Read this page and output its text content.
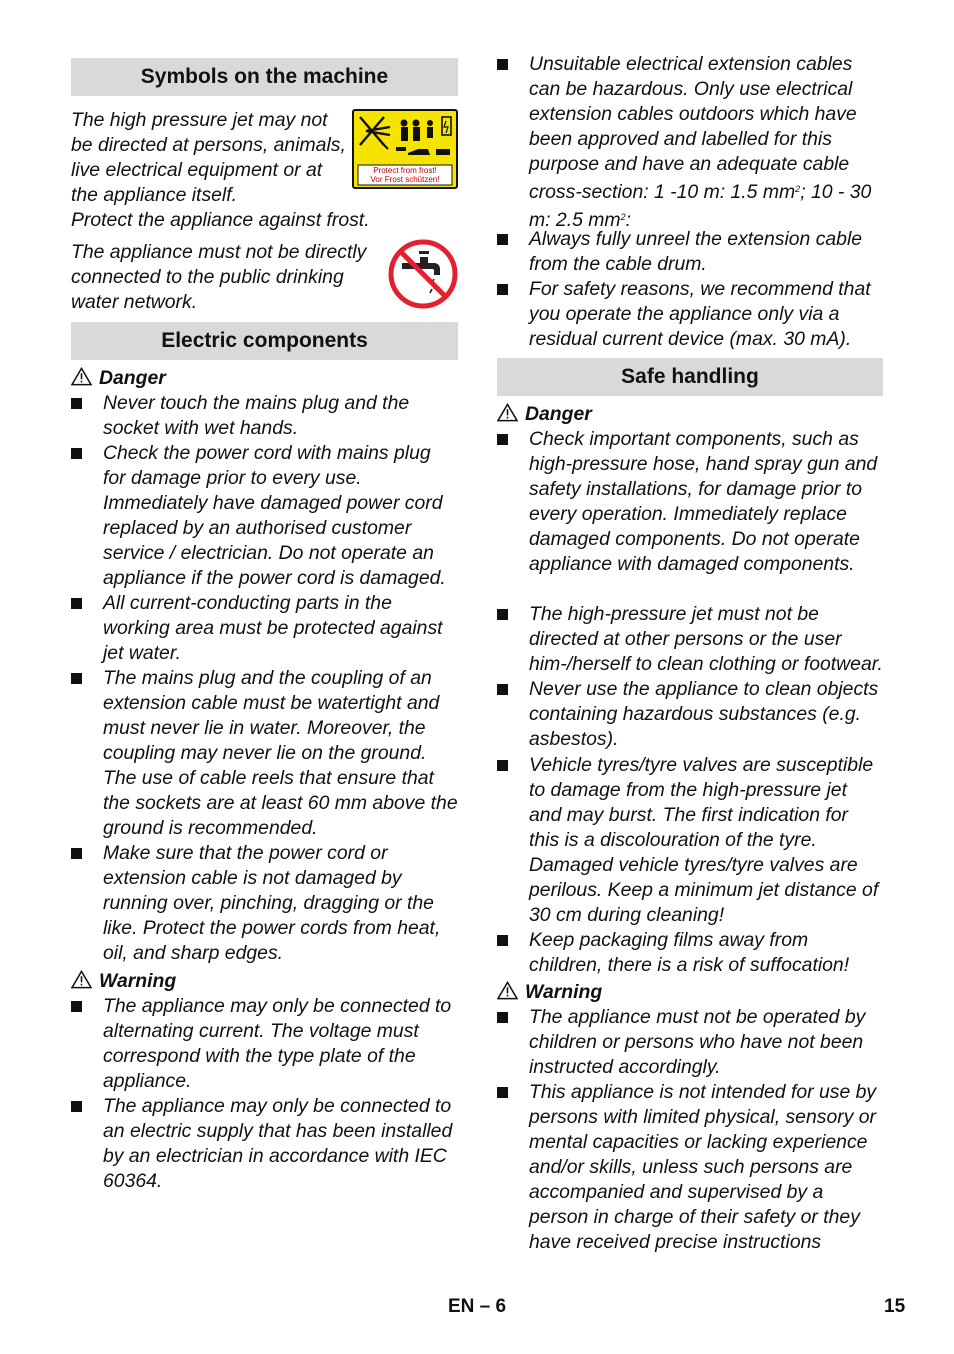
Symbols on the machine
The high pressure jet may not be directed at persons, animals, live electrical equipment or at the appliance itself.
Protect from frost!
Vor Frost schützen!
Protect the appliance against frost.
The appliance must not be directly connected to the public drinking water network.
Electric components
Danger
Never touch the mains plug and the socket with wet hands.
Check the power cord with mains plug for damage prior to every use. Immediately have damaged power cord replaced by an authorised customer service / electrician. Do not operate an appliance if the power cord is damaged.
All current-conducting parts in the working area must be protected against jet water.
The mains plug and the coupling of an extension cable must be watertight and must never lie in water. Moreover, the coupling may never lie on the ground. The use of cable reels that ensure that the sockets are at least 60 mm above the ground is recommended.
Make sure that the power cord or extension cable is not damaged by running over, pinching, dragging or the like. Protect the power cords from heat, oil, and sharp edges.
Warning
The appliance may only be connected to alternating current. The voltage must correspond with the type plate of the appliance.
The appliance may only be connected to an electric supply that has been installed by an electrician in accordance with IEC 60364.
Unsuitable electrical extension cables can be hazardous. Only use electrical extension cables outdoors which have been approved and labelled for this purpose and have an adequate cable cross-section: 1 -10 m: 1.5 $mm^2$; 10 - 30 m: 2.5 $mm^2$:
Always fully unreel the extension cable from the cable drum.
For safety reasons, we recommend that you operate the appliance only via a residual current device (max. 30 mA).
Safe handling
Danger
Check important components, such as high-pressure hose, hand spray gun and safety installations, for damage prior to every operation. Immediately replace damaged components. Do not operate appliance with damaged components.
The high-pressure jet must not be directed at other persons or the user him-/herself to clean clothing or footwear.
Never use the appliance to clean objects containing hazardous substances (e.g. asbestos).
Vehicle tyres/tyre valves are susceptible to damage from the high-pressure jet and may burst. The first indication for this is a discolouration of the tyre. Damaged vehicle tyres/tyre valves are perilous. Keep a minimum jet distance of 30 cm during cleaning!
Keep packaging films away from children, there is a risk of suffocation!
Warning
The appliance must not be operated by children or persons who have not been instructed accordingly.
This appliance is not intended for use by persons with limited physical, sensory or mental capacities or lacking experience and/or skills, unless such persons are accompanied and supervised by a person in charge of their safety or they have received precise instructions
EN – 6	15
